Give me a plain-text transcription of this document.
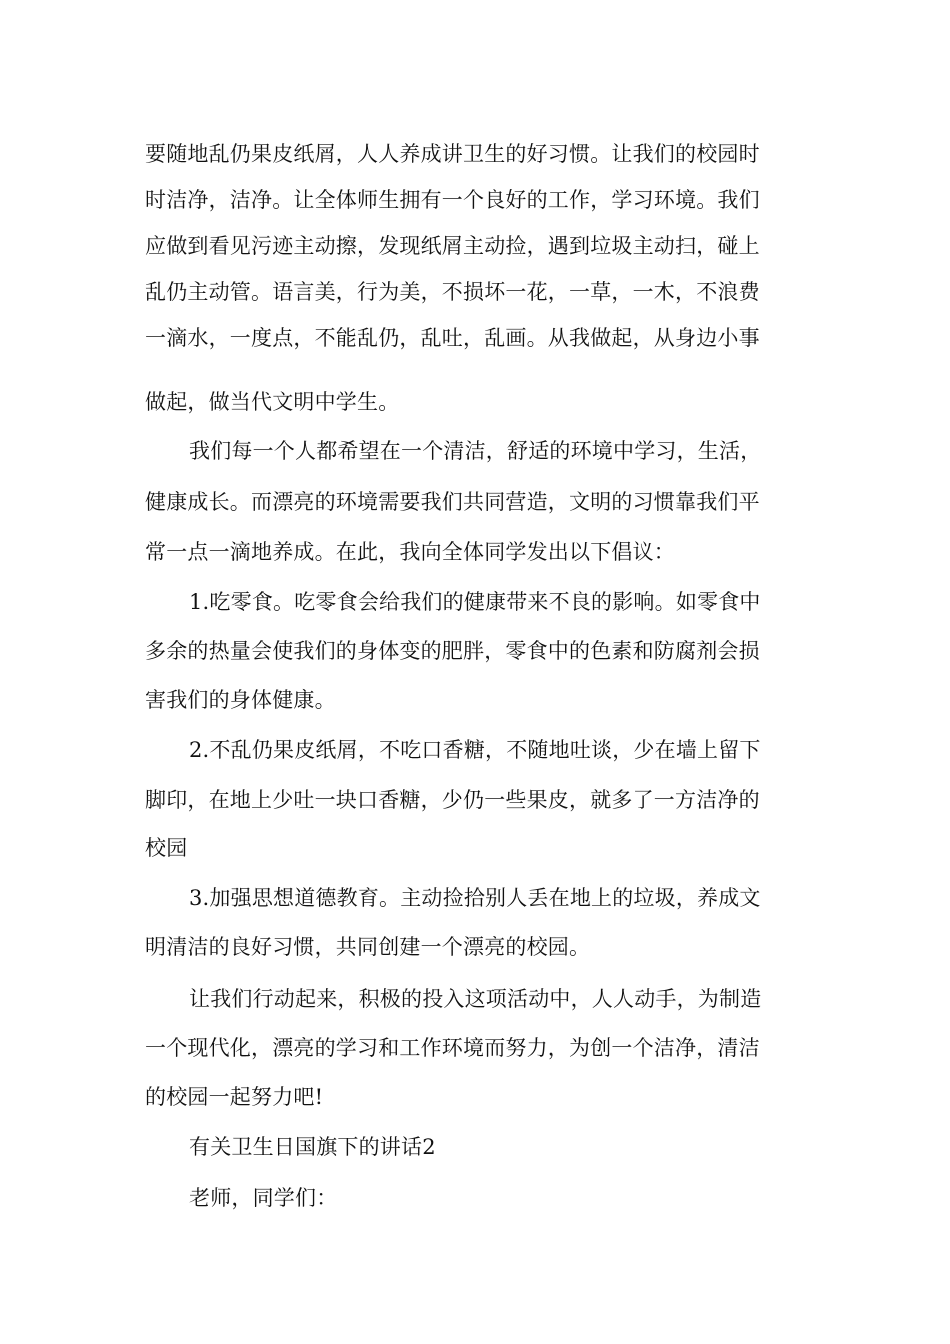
要随地乱仍果皮纸屑，人人养成讲卫生的好习惯。让我们的校园时
时洁净，洁净。让全体师生拥有一个良好的工作，学习环境。我们
应做到看见污迹主动擦，发现纸屑主动捡，遇到垃圾主动扫，碰上
乱仍主动管。语言美，行为美，不损坏一花，一草，一木，不浪费
一滴水，一度点，不能乱仍，乱吐，乱画。从我做起，从身边小事
做起，做当代文明中学生。
我们每一个人都希望在一个清洁，舒适的环境中学习，生活，
健康成长。而漂亮的环境需要我们共同营造，文明的习惯靠我们平
常一点一滴地养成。在此，我向全体同学发出以下倡议：
1.吃零食。吃零食会给我们的健康带来不良的影响。如零食中
多余的热量会使我们的身体变的肥胖，零食中的色素和防腐剂会损
害我们的身体健康。
2.不乱仍果皮纸屑，不吃口香糖，不随地吐谈，少在墙上留下
脚印，在地上少吐一块口香糖，少仍一些果皮，就多了一方洁净的
校园
3.加强思想道德教育。主动捡拾别人丢在地上的垃圾，养成文
明清洁的良好习惯，共同创建一个漂亮的校园。
让我们行动起来，积极的投入这项活动中，人人动手，为制造
一个现代化，漂亮的学习和工作环境而努力，为创一个洁净，清洁
的校园一起努力吧!
有关卫生日国旗下的讲话2
老师，同学们：
